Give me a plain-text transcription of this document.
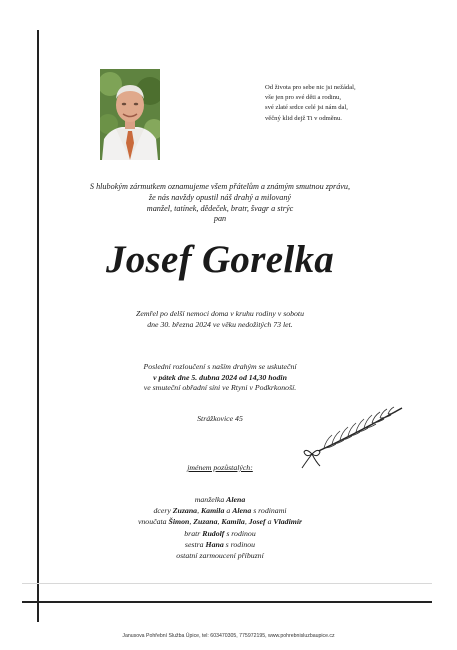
Od života pro sebe nic jsi nežádal,
vše jen pro své děti a rodinu,
své zlaté srdce celé jsi nám dal,
věčný klid dejž Ti v odměnu.
S hlubokým zármutkem oznamujeme všem přátelům a známým smutnou zprávu,
že nás navždy opustil náš drahý a milovaný
manžel, tatínek, dědeček, bratr, švagr a strýc
pan
Josef Gorelka
Zemřel po delší nemoci doma v kruhu rodiny v sobotu
dne 30. března 2024 ve věku nedožitých 73 let.
Poslední rozloučení s naším drahým se uskuteční
v pátek dne 5. dubna 2024 od 14,30 hodin
ve smuteční obřadní síni ve Rtyni v Podkrkonoší.
Strážkovice 45
jménem pozůstalých:
manželka Alena
dcery Zuzana, Kamila a Alena s rodinami
vnoučata Šimon, Zuzana, Kamila, Josef a Vladimír
bratr Rudolf s rodinou
sestra Hana s rodinou
ostatní zarmoucení příbuzní
Janusova Pohřební Služba Úpice, tel: 603470305, 775972195, www.pohrebnisluzbaupice.cz
